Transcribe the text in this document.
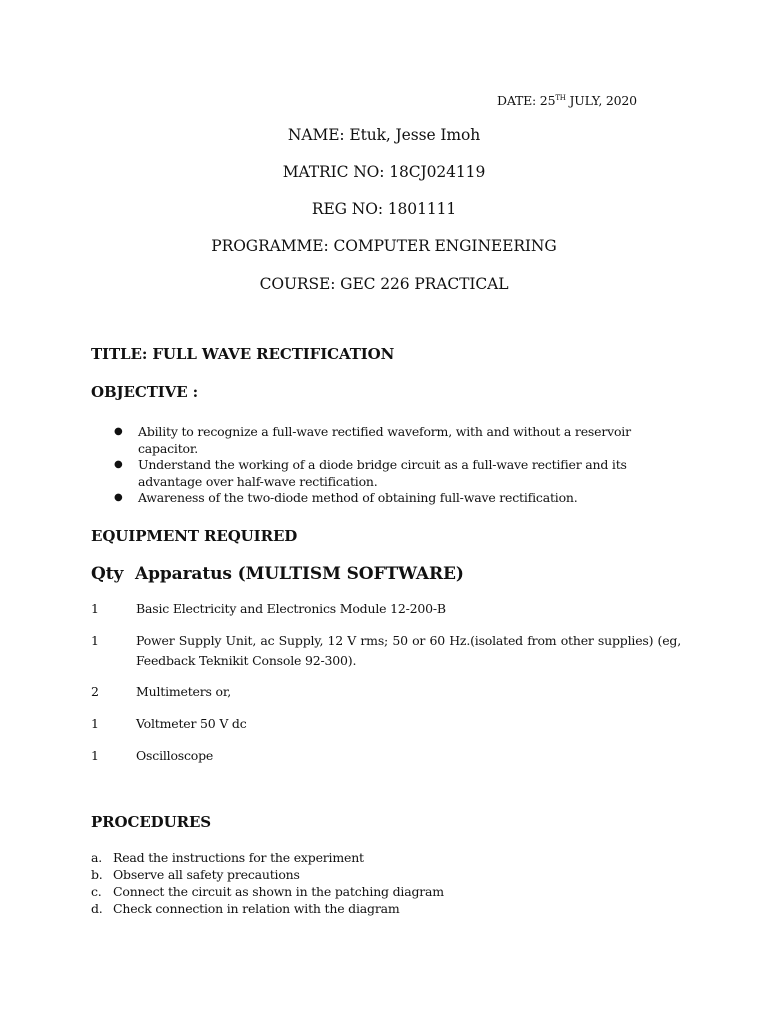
DATE: 25TH JULY, 2020
NAME: Etuk, Jesse Imoh
MATRIC NO: 18CJ024119
REG NO: 1801111
PROGRAMME: COMPUTER ENGINEERING
COURSE: GEC 226 PRACTICAL
TITLE: FULL WAVE RECTIFICATION
OBJECTIVE :
● Ability to recognize a full-wave rectified waveform, with and without a reservoir capacitor.
● Understand the working of a diode bridge circuit as a full-wave rectifier and its advantage over half-wave rectification.
● Awareness of the two-diode method of obtaining full-wave rectification.
EQUIPMENT REQUIRED
Qty Apparatus (MULTISM SOFTWARE)
1	Basic Electricity and Electronics Module 12-200-B
1	Power Supply Unit, ac Supply, 12 V rms; 50 or 60 Hz.(isolated from other supplies) (eg, Feedback Teknikit Console 92-300).
2	Multimeters or,
1	Voltmeter 50 V dc
1	Oscilloscope
PROCEDURES
a. Read the instructions for the experiment
b. Observe all safety precautions
c. Connect the circuit as shown in the patching diagram
d. Check connection in relation with the diagram
